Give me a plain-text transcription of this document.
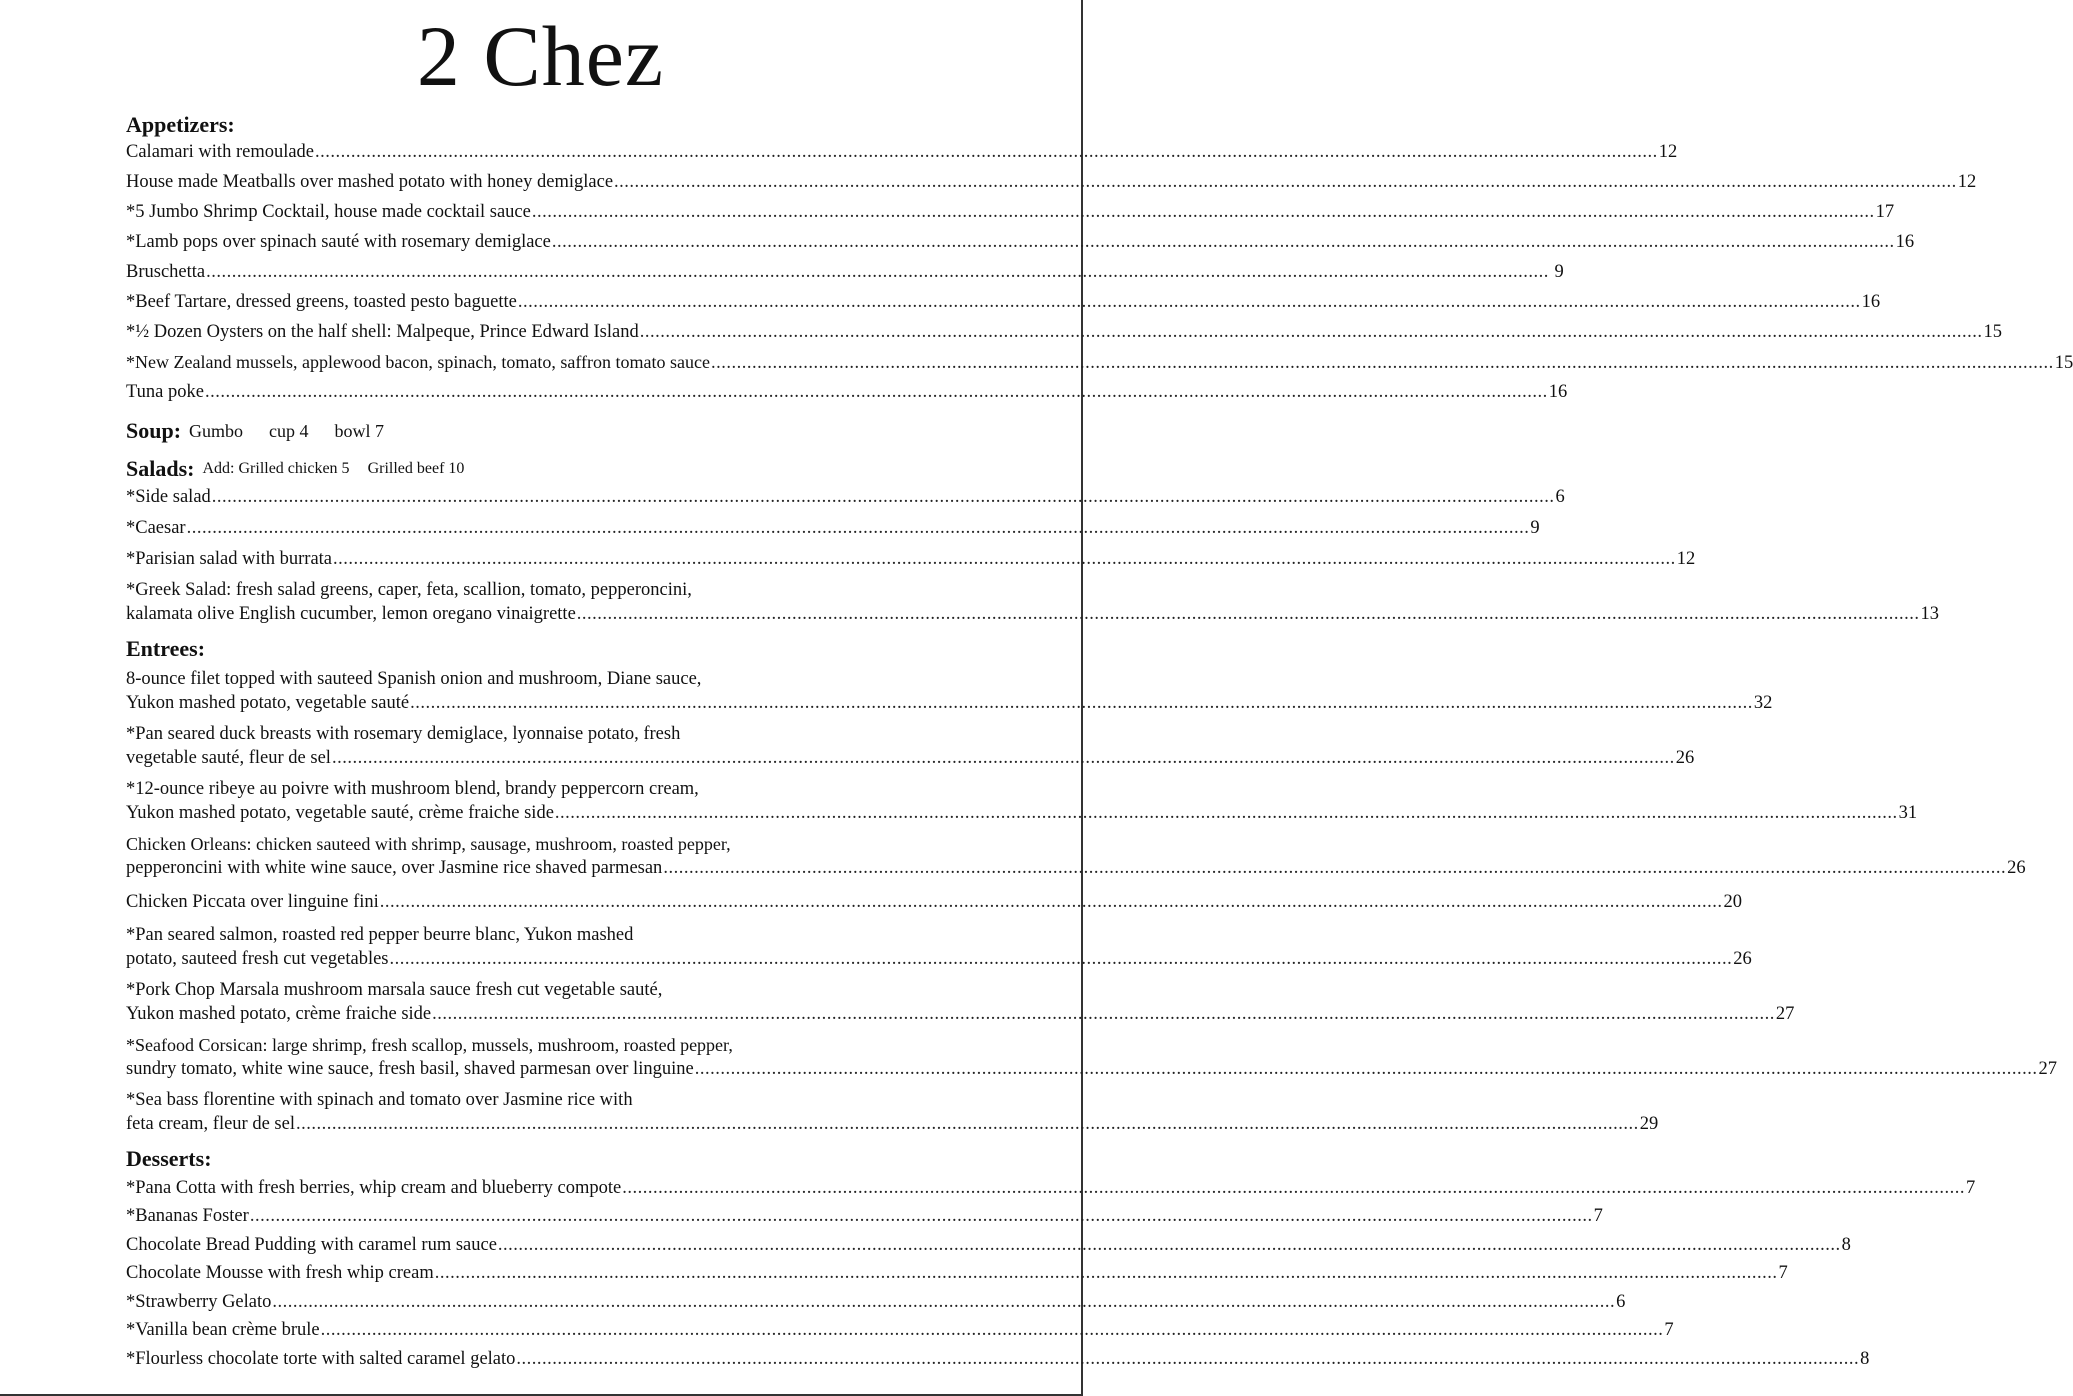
2 Chez
Appetizers:
Calamari with remoulade .....	12
House made Meatballs over mashed potato with honey demiglace .....	12
*5 Jumbo Shrimp Cocktail, house made cocktail sauce .....	17
*Lamb pops over spinach sauté with rosemary demiglace .....	16
Bruschetta .....	9
*Beef Tartare, dressed greens, toasted pesto baguette .....	16
*½ Dozen Oysters on the half shell: Malpeque, Prince Edward Island .....	15
*New Zealand mussels, applewood bacon, spinach, tomato, saffron tomato sauce .....	15
Tuna poke .....	16
Soup: Gumbo cup 4 bowl 7
Salads: Add: Grilled chicken 5 Grilled beef 10
*Side salad .....	6
*Caesar .....	9
*Parisian salad with burrata .....	12
*Greek Salad: fresh salad greens, caper, feta, scallion, tomato, pepperoncini,
kalamata olive English cucumber, lemon oregano vinaigrette .....	13
Entrees:
8-ounce filet topped with sauteed Spanish onion and mushroom, Diane sauce,
Yukon mashed potato, vegetable sauté .....	32
*Pan seared duck breasts with rosemary demiglace, lyonnaise potato, fresh
vegetable sauté, fleur de sel .....	26
*12-ounce ribeye au poivre with mushroom blend, brandy peppercorn cream,
Yukon mashed potato, vegetable sauté, crème fraiche side .....	31
Chicken Orleans: chicken sauteed with shrimp, sausage, mushroom, roasted pepper,
pepperoncini with white wine sauce, over Jasmine rice shaved parmesan .....	26
Chicken Piccata over linguine fini .....	20
*Pan seared salmon, roasted red pepper beurre blanc, Yukon mashed
potato, sauteed fresh cut vegetables .....	26
*Pork Chop Marsala mushroom marsala sauce fresh cut vegetable sauté,
Yukon mashed potato, crème fraiche side .....	27
*Seafood Corsican: large shrimp, fresh scallop, mussels, mushroom, roasted pepper,
sundry tomato, white wine sauce, fresh basil, shaved parmesan over linguine .....	27
*Sea bass florentine with spinach and tomato over Jasmine rice with
feta cream, fleur de sel .....	29
Desserts:
*Pana Cotta with fresh berries, whip cream and blueberry compote .....	7
*Bananas Foster .....	7
Chocolate Bread Pudding with caramel rum sauce .....	8
Chocolate Mousse with fresh whip cream .....	7
*Strawberry Gelato .....	6
*Vanilla bean crème brule .....	7
*Flourless chocolate torte with salted caramel gelato .....	8
